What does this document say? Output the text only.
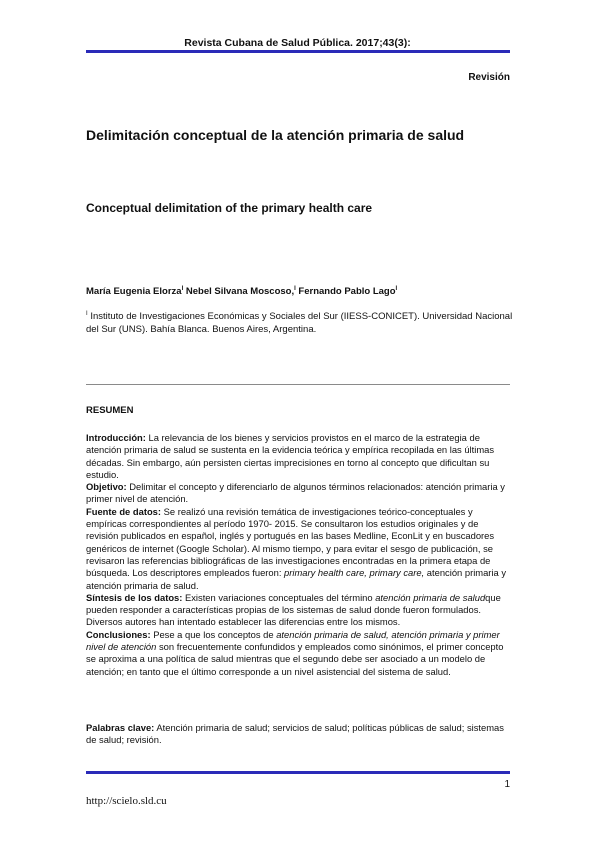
Revista Cubana de Salud Pública. 2017;43(3):
Revisión
Delimitación conceptual de la atención primaria de salud
Conceptual delimitation of the primary health care
María Eugenia Elorza$^I$ Nebel Silvana Moscoso,$^I$ Fernando Pablo Lago$^I$
$^I$ Instituto de Investigaciones Económicas y Sociales del Sur (IIESS-CONICET). Universidad Nacional del Sur (UNS). Bahía Blanca. Buenos Aires, Argentina.
RESUMEN

Introducción: La relevancia de los bienes y servicios provistos en el marco de la estrategia de atención primaria de salud se sustenta en la evidencia teórica y empírica recopilada en las últimas décadas. Sin embargo, aún persisten ciertas imprecisiones en torno al concepto que dificultan su estudio.

Objetivo: Delimitar el concepto y diferenciarlo de algunos términos relacionados: atención primaria y primer nivel de atención.

Fuente de datos: Se realizó una revisión temática de investigaciones teórico-conceptuales y empíricas correspondientes al período 1970- 2015. Se consultaron los estudios originales y de revisión publicados en español, inglés y portugués en las bases Medline, EconLit y en buscadores genéricos de internet (Google Scholar). Al mismo tiempo, y para evitar el sesgo de publicación, se revisaron las referencias bibliográficas de las investigaciones encontradas en la primera etapa de búsqueda. Los descriptores empleados fueron: primary health care, primary care, atención primaria y atención primaria de salud.

Síntesis de los datos: Existen variaciones conceptuales del término atención primaria de saludque pueden responder a características propias de los sistemas de salud donde fueron formulados. Diversos autores han intentado establecer las diferencias entre los mismos.

Conclusiones: Pese a que los conceptos de atención primaria de salud, atención primaria y primer nivel de atención son frecuentemente confundidos y empleados como sinónimos, el primer concepto se aproxima a una política de salud mientras que el segundo debe ser asociado a un modelo de atención; en tanto que el último corresponde a un nivel asistencial del sistema de salud.

Palabras clave: Atención primaria de salud; servicios de salud; políticas públicas de salud; sistemas de salud; revisión.

1
http://scielo.sld.cu
